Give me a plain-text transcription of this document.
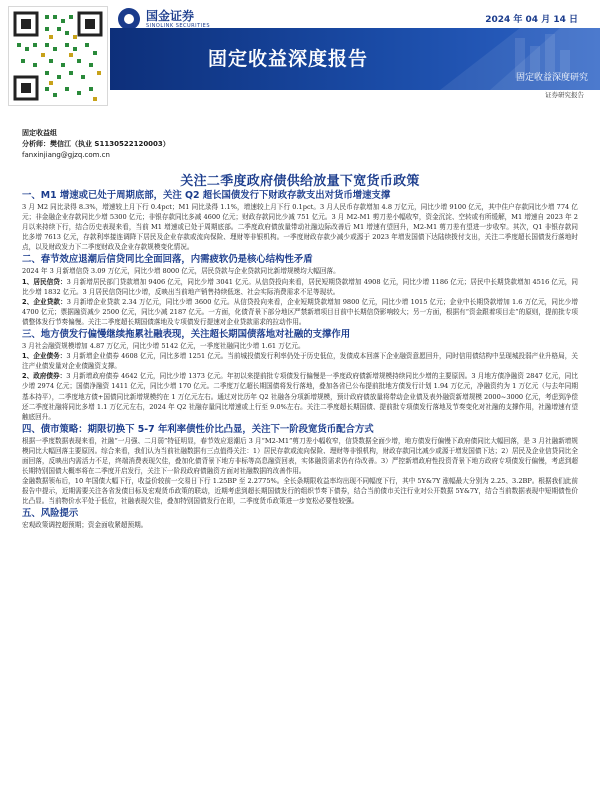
国金证券
SINOLINK SECURITIES
2024 年 04 月 14 日
固定收益深度报告
固定收益深度研究
证券研究报告
固定收益组
分析师：樊信江（执业 S1130522120003）
fanxinjiang@gjzq.com.cn
关注二季度政府债供给放量下宽货币政策
一、M1 增速或已处于周期底部，关注 Q2 超长国债发行下财政存款支出对货币增速支撑

3 月 M2 同比录得 8.3%，增速较上月下行 0.4pct；M1 同比录得 1.1%，增速较上月下行 0.1pct。3 月人民币存款增加 4.8 万亿元，同比少增 9100 亿元，其中住户存款同比少增 774 亿元；非金融企业存款同比少增 5300 亿元；非银存款同比多减 4600 亿元；财政存款同比少减 751 亿元。3 月 M2-M1 剪刀差小幅收窄，资金沉淀、空转或有所缓解，M1 增速自 2023 年 2 月以来持续下行，结合历史表现来看，当前 M1 增速或已处于周期底部。二季度政府债放量带动社融边际改善后 M1 增速有望回升，M2-M1 剪刀差有望进一步收窄。其次，Q1 非银存款同比多增 7613 亿元，存款利率接连调降下居民及企业存款或流向保险、理财等非银机构。一季度财政存款少减少或源于 2023 年增发国债下达陆续拨付支出，关注二季度超长国债发行落地时点，以及财政发力下二季度财政及企业存款规模变化情况。

二、春节效应退潮后信贷同比全面回落，内需疲软仍是核心结构性矛盾

2024 年 3 月新增信贷 3.09 万亿元，同比少增 8000 亿元，居民贷款与企业贷款同比新增规模均大幅回落。

1、居民信贷：3 月新增居民部门贷款增加 9406 亿元，同比少增 3041 亿元。从信贷投向来看，居民短期贷款增加 4908 亿元，同比少增 1186 亿元；居民中长期贷款增加 4516 亿元，同比少增 1832 亿元。3 月居民信贷同比少增，反映出当前地产销售持续低迷、社会实际消费需求不足等现状。

2、企业贷款：3 月新增企业贷款 2.34 万亿元，同比少增 3600 亿元。从信贷投向来看，企业短期贷款增加 9800 亿元，同比少增 1015 亿元；企业中长期贷款增加 1.6 万亿元，同比少增 4700 亿元；票据融资减少 2500 亿元，同比少减 2187 亿元。一方面，化债背景下部分地区严禁新增项目目前中长期信贷影响较大；另一方面，根据有“资金跟着项目走”的原则，提前批专项债整体发行节奏偏慢。关注二季度超长期国债落地及专项债发行提速对企业贷款需求的拉动作用。

三、地方债发行偏慢继续拖累社融表现，关注超长期国债落地对社融的支撑作用

3 月社会融资规模增加 4.87 万亿元，同比少增 5142 亿元，一季度社融同比少增 1.61 万亿元。

1、企业债务：3 月新增企业债券 4608 亿元，同比多增 1251 亿元。当前城投债发行利率仍处于历史低位，发债成本回落下企业融资意愿回升，同时信用债结构中呈现城投弱产业升格局，关注产业债发量对企业债融资支撑。

2、政府债券：3 月新增政府债券 4642 亿元，同比少增 1373 亿元。年初以来提前批专项债发行偏慢是一季度政府债新增规模持续同比少增的主要原因。3 月地方债净融资 2847 亿元，同比少增 2974 亿元；国债净融资 1411 亿元，同比少增 170 亿元。二季度万亿超长期国债将发行落地，叠加各省已公布提前批地方债发行计划 1.94 万亿元，净融资约为 1 万亿元（与去年同期基本持平），二季度地方债+国债同比新增规模约在 1 万亿元左右。通过对比历年 Q2 社融各分项新增规模，预计政府债放量将带动企业债及表外融资新增规模 2000~3000 亿元，考虑到净偿还二季度社融将同比多增 1.1 万亿元左右，2024 年 Q2 社融存量同比增速或上行至 9.0%左右。关注二季度超长期国债、提前批专项债发行落地及节奏变化对社融的支撑作用，社融增速有望触底回升。

四、债市策略：期限切换下 5-7 年利率债性价比凸显，关注下一阶段宽货币配合方式

根据一季度数据表现来看，社融“一月强、二月弱”特征明显，春节效应退潮后 3 月“M2-M1”剪刀差小幅收窄，信贷数据全面少增，地方债发行偏慢下政府债同比大幅回落，是 3 月社融新增规模同比大幅回落主要原因。综合来看，我们认为当前社融数据有三点值得关注：1）居民存款或流向保险、理财等非银机构，财政存款同比减少或源于增发国债下达；2）居民及企业信贷同比全面回落，反映出内需活力不足，终端消费表现欠佳，叠加化债背景下地方非标等高息融资回表，实体融资需求仍有待改善。3）严控新增政府性投资背景下地方政府专项债发行偏慢，考虑到超长期特别国债大概率将在二季度开启发行，关注下一阶段政府债融资方面对社融数据的改善作用。

金融数据领布后，10 年国债大幅下行，收益价较前一交易日下行 1.25BP 至 2.2775%。全长条期限收益率均出现不同幅度下行，其中 5Y&7Y 涨幅最大分别为 2.25、3.2BP。根据我们此前报告中提示，近期需要关注各省发债目标及宏观货币政策的联动，近期考虑到超长期国债发行的组织节奏下债券，结合当前债市关注行业对公开数据 5Y&7Y，结合当前数据表现中短期债性价比凸显。当前物价水平处于低位，社融表现欠佳，叠加特别国债发行在即，二季度货币政策进一步宽松必要性较强。

五、风险提示

宏观政策调控超预期；资金面收紧超预期。
